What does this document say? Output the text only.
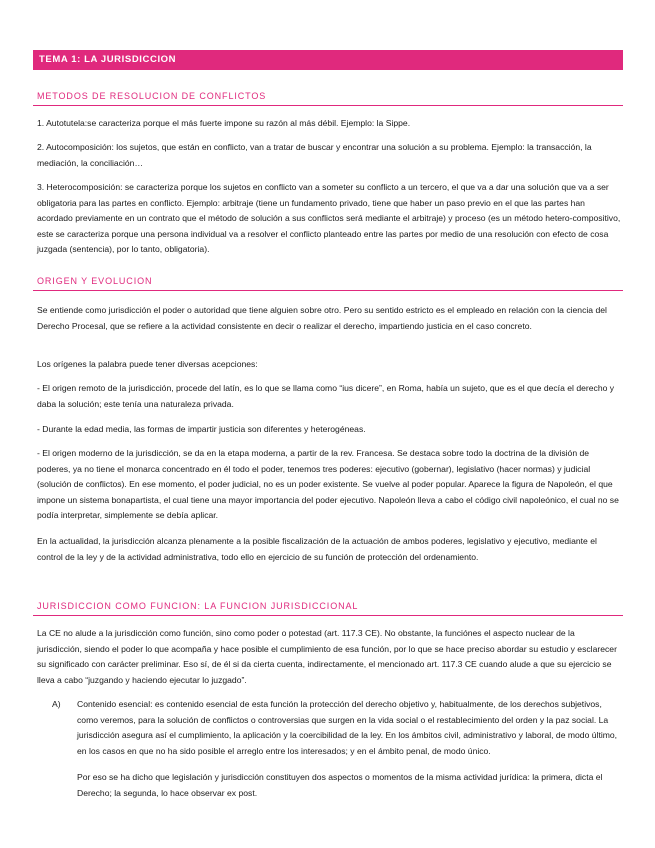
TEMA 1: LA JURISDICCION
METODOS DE RESOLUCION DE CONFLICTOS

1. Autotutela:se caracteriza porque el más fuerte impone su razón al más débil. Ejemplo: la Sippe.

2. Autocomposición: los sujetos, que están en conflicto, van a tratar de buscar y encontrar una solución a su problema. Ejemplo: la transacción, la mediación, la conciliación…

3. Heterocomposición: se caracteriza porque los sujetos en conflicto van a someter su conflicto a un tercero, el que va a dar una solución que va a ser obligatoria para las partes en conflicto. Ejemplo: arbitraje (tiene un fundamento privado, tiene que haber un paso previo en el que las partes han acordado previamente en un contrato que el método de solución a sus conflictos será mediante el arbitraje) y proceso (es un método hetero-compositivo, este se caracteriza porque una persona individual va a resolver el conflicto planteado entre las partes por medio de una resolución con efecto de cosa juzgada (sentencia), por lo tanto, obligatoria).

ORIGEN Y EVOLUCION

Se entiende como jurisdicción el poder o autoridad que tiene alguien sobre otro. Pero su sentido estricto es el empleado en relación con la ciencia del Derecho Procesal, que se refiere a la actividad consistente en decir o realizar el derecho, impartiendo justicia en el caso concreto.

Los orígenes la palabra puede tener diversas acepciones:

- El origen remoto de la jurisdicción, procede del latín, es lo que se llama como “ius dicere”, en Roma, había un sujeto, que es el que decía el derecho y daba la solución; este tenía una naturaleza privada.

- Durante la edad media, las formas de impartir justicia son diferentes y heterogéneas.

- El origen moderno de la jurisdicción, se da en la etapa moderna, a partir de la rev. Francesa. Se destaca sobre todo la doctrina de la división de poderes, ya no tiene el monarca concentrado en él todo el poder, tenemos tres poderes: ejecutivo (gobernar), legislativo (hacer normas) y judicial (solución de conflictos). En ese momento, el poder judicial, no es un poder existente. Se vuelve al poder popular. Aparece la figura de Napoleón, el que impone un sistema bonapartista, el cual tiene una mayor importancia del poder ejecutivo. Napoleón lleva a cabo el código civil napoleónico, el cual no se podía interpretar, simplemente se debía aplicar.

En la actualidad, la jurisdicción alcanza plenamente a la posible fiscalización de la actuación de ambos poderes, legislativo y ejecutivo, mediante el control de la ley y de la actividad administrativa, todo ello en ejercicio de su función de protección del ordenamiento.

JURISDICCION COMO FUNCION: LA FUNCION JURISDICCIONAL

La CE no alude a la jurisdicción como función, sino como poder o potestad (art. 117.3 CE). No obstante, la funciónes el aspecto nuclear de la jurisdicción, siendo el poder lo que acompaña y hace posible el cumplimiento de esa función, por lo que se hace preciso abordar su estudio y esclarecer su significado con carácter preliminar. Eso sí, de él si da cierta cuenta, indirectamente, el mencionado art. 117.3 CE cuando alude a que su ejercicio se lleva a cabo “juzgando y haciendo ejecutar lo juzgado”.

A) Contenido esencial: es contenido esencial de esta función la protección del derecho objetivo y, habitualmente, de los derechos subjetivos, como veremos, para la solución de conflictos o controversias que surgen en la vida social o el restablecimiento del orden y la paz social. La jurisdicción asegura así el cumplimiento, la aplicación y la coercibilidad de la ley. En los ámbitos civil, administrativo y laboral, de modo último, en los casos en que no ha sido posible el arreglo entre los interesados; y en el ámbito penal, de modo único.

Por eso se ha dicho que legislación y jurisdicción constituyen dos aspectos o momentos de la misma actividad jurídica: la primera, dicta el Derecho; la segunda, lo hace observar ex post.
